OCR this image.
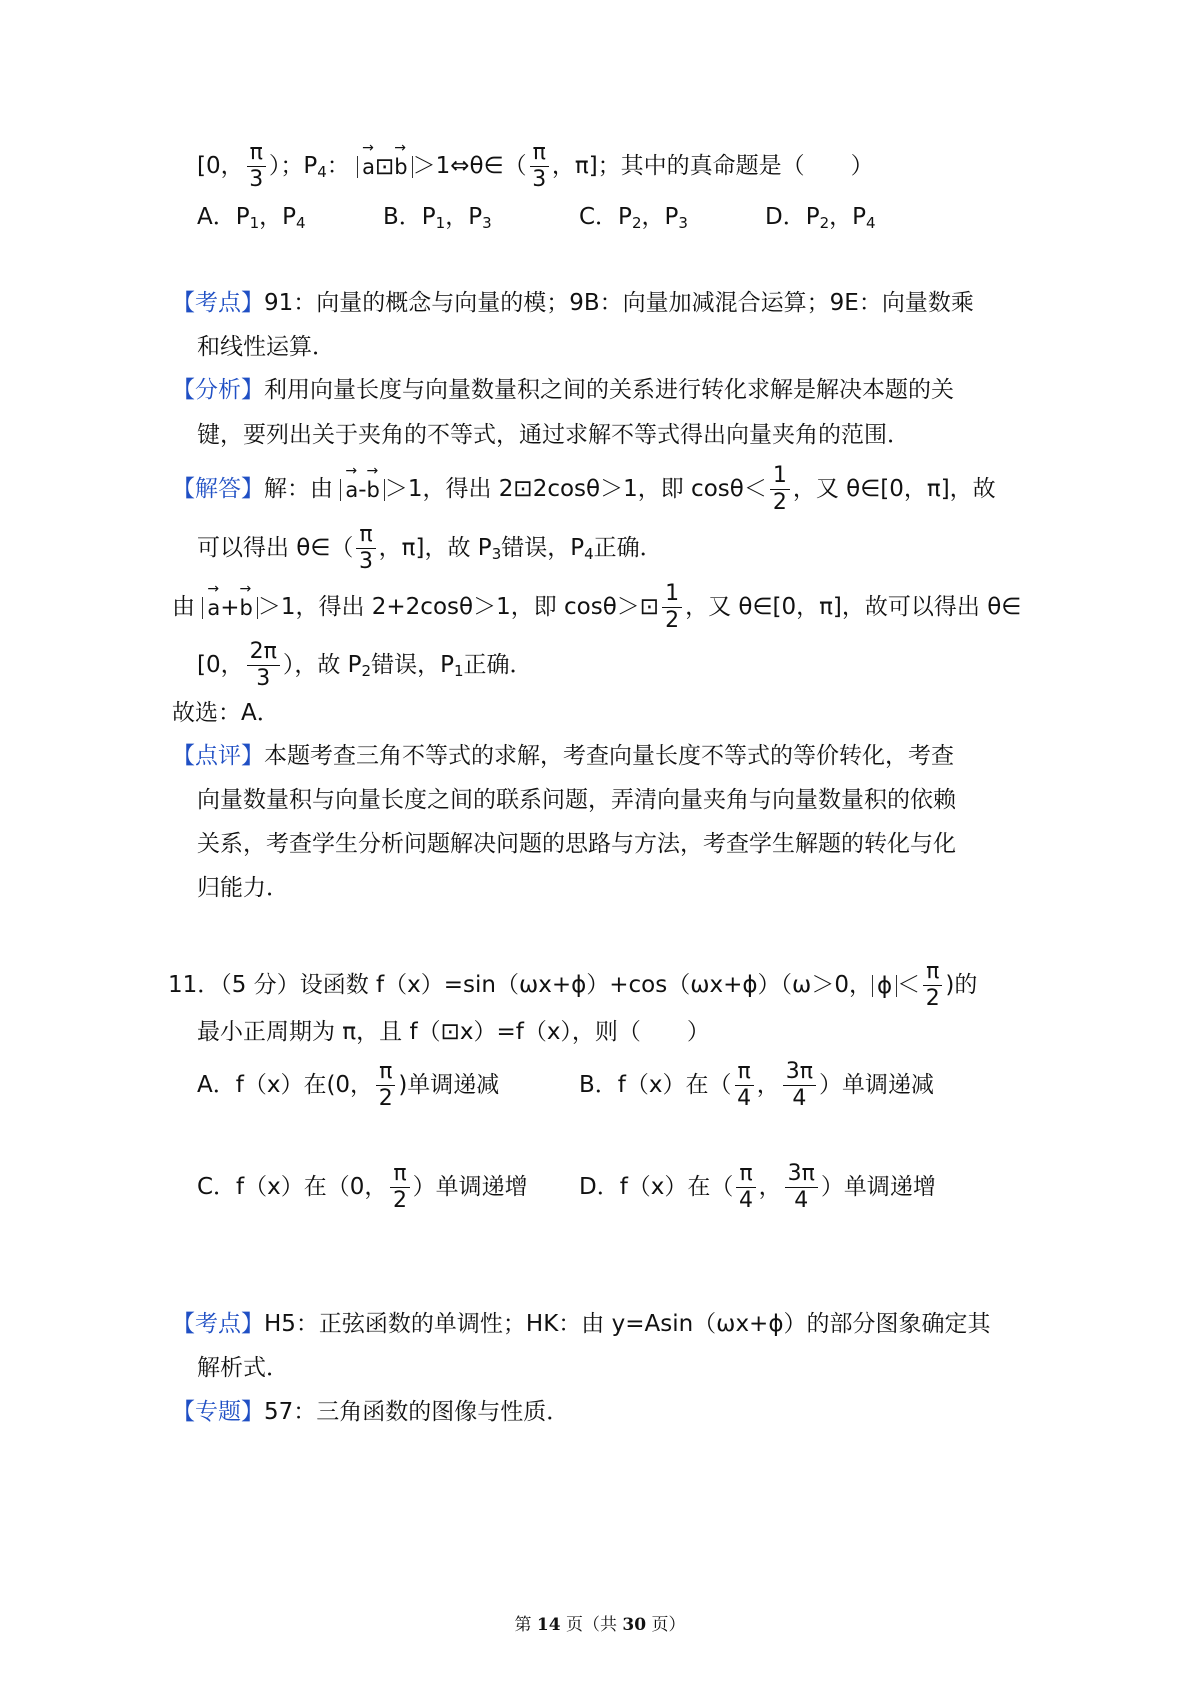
[0， $\frac{\pi}{3}$ ）；$P_4$： → a⊡→ b ＞1⇔θ∈（ $\frac{\pi}{3}$ ，π]；其中的真命题是（　　）
A．$P_1$，$P_4$	B．$P_1$，$P_3$	C．$P_2$，$P_3$	D．$P_2$，$P_4$
【考点】91：向量的概念与向量的模；9B：向量加减混合运算；9E：向量数乘
和线性运算．
【分析】利用向量长度与向量数量积之间的关系进行转化求解是解决本题的关
键，要列出关于夹角的不等式，通过求解不等式得出向量夹角的范围．
【解答】解：由 → a-→ b ＞1，得出 2⊡2cosθ＞1，即 $\cos\theta< \frac{1}{2}$ ，又 θ∈[0，π]，故
可以得出 θ∈（ $\frac{\pi}{3}$ ，π]，故 $P_3$错误，$P_4$正确．
由 → a+→ b ＞1，得出 2+2cosθ＞1，即 cosθ＞⊡ $\frac{1}{2}$ ，又 θ∈[0，π]，故可以得出 θ∈
[0， $\frac{2\pi}{3}$ ），故 $P_2$错误，$P_1$正确．
故选：A．
【点评】本题考查三角不等式的求解，考查向量长度不等式的等价转化，考查
向量数量积与向量长度之间的联系问题，弄清向量夹角与向量数量积的依赖
关系，考查学生分析问题解决问题的思路与方法，考查学生解题的转化与化
归能力．
11．（5 分）设函数 f（x）=sin（ωx+ϕ）+cos（ωx+ϕ）（ω＞0， $\phi < \frac{\pi}{2}$ )的
最小正周期为 π，且 f（⊡x）=f（x），则（　　）
A．f（x）在(0， $\frac{\pi}{2}$ )单调递减	B．f（x）在（ $\frac{\pi}{4}$ ， $\frac{3\pi}{4}$ ）单调递减
C．f（x）在（0， $\frac{\pi}{2}$ ）单调递增 D．f（x）在（ $\frac{\pi}{4}$ ， $\frac{3\pi}{4}$ ）单调递增
【考点】H5：正弦函数的单调性；HK：由 y=Asin（ωx+ϕ）的部分图象确定其
解析式．
【专题】57：三角函数的图像与性质．
第 14 页（共 30 页）
